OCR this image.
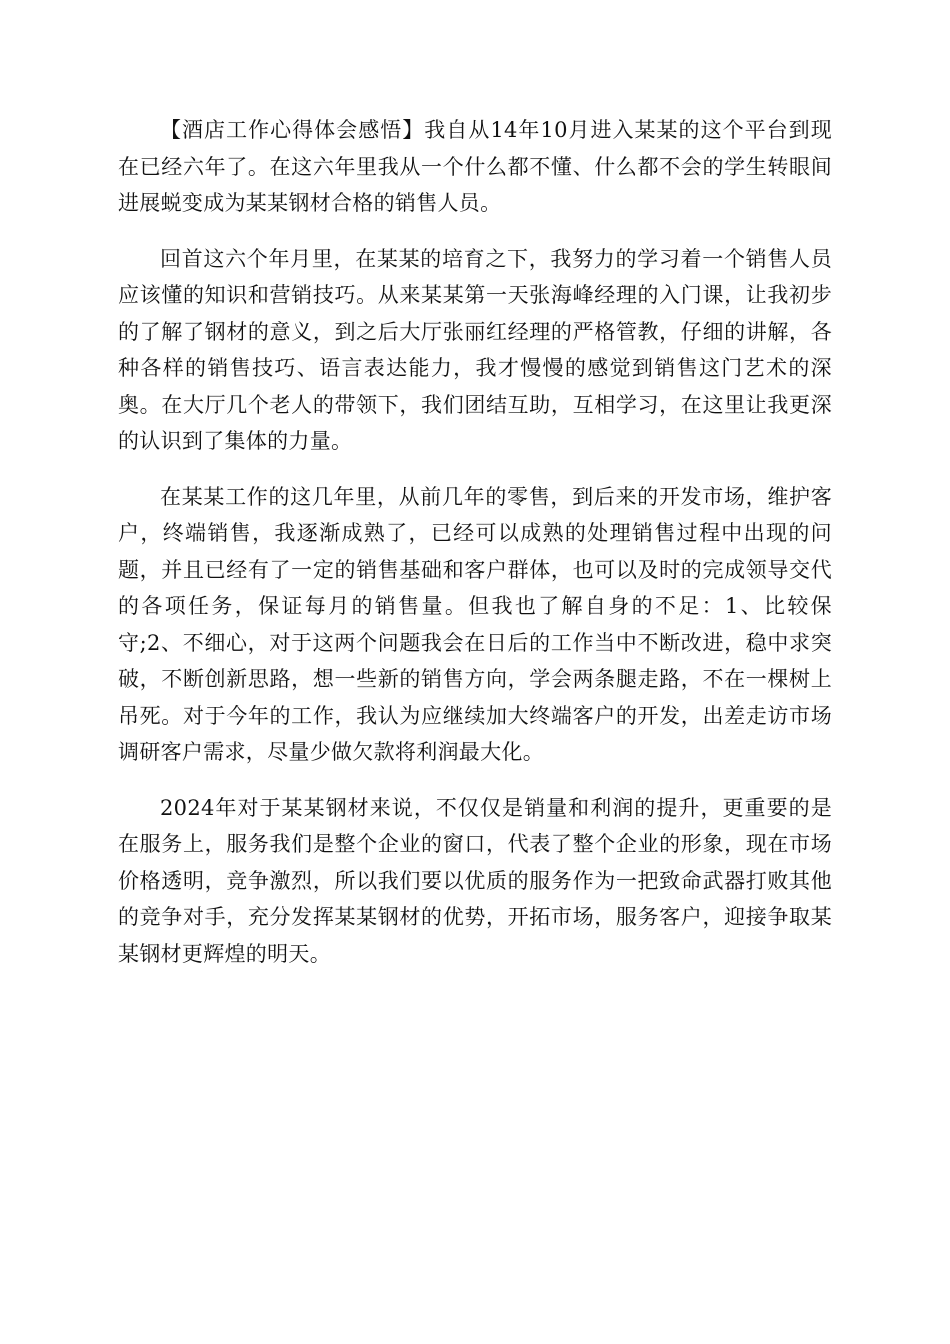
【酒店工作心得体会感悟】我自从14年10月进入某某的这个平台到现在已经六年了。在这六年里我从一个什么都不懂、什么都不会的学生转眼间进展蜕变成为某某钢材合格的销售人员。

回首这六个年月里，在某某的培育之下，我努力的学习着一个销售人员应该懂的知识和营销技巧。从来某某第一天张海峰经理的入门课，让我初步的了解了钢材的意义，到之后大厅张丽红经理的严格管教，仔细的讲解，各种各样的销售技巧、语言表达能力，我才慢慢的感觉到销售这门艺术的深奥。在大厅几个老人的带领下，我们团结互助，互相学习，在这里让我更深的认识到了集体的力量。

在某某工作的这几年里，从前几年的零售，到后来的开发市场，维护客户，终端销售，我逐渐成熟了，已经可以成熟的处理销售过程中出现的问题，并且已经有了一定的销售基础和客户群体，也可以及时的完成领导交代的各项任务，保证每月的销售量。但我也了解自身的不足：1、比较保守;2、不细心，对于这两个问题我会在日后的工作当中不断改进，稳中求突破，不断创新思路，想一些新的销售方向，学会两条腿走路，不在一棵树上吊死。对于今年的工作，我认为应继续加大终端客户的开发，出差走访市场调研客户需求，尽量少做欠款将利润最大化。

2024年对于某某钢材来说，不仅仅是销量和利润的提升，更重要的是在服务上，服务我们是整个企业的窗口，代表了整个企业的形象，现在市场价格透明，竞争激烈，所以我们要以优质的服务作为一把致命武器打败其他的竞争对手，充分发挥某某钢材的优势，开拓市场，服务客户，迎接争取某某钢材更辉煌的明天。
